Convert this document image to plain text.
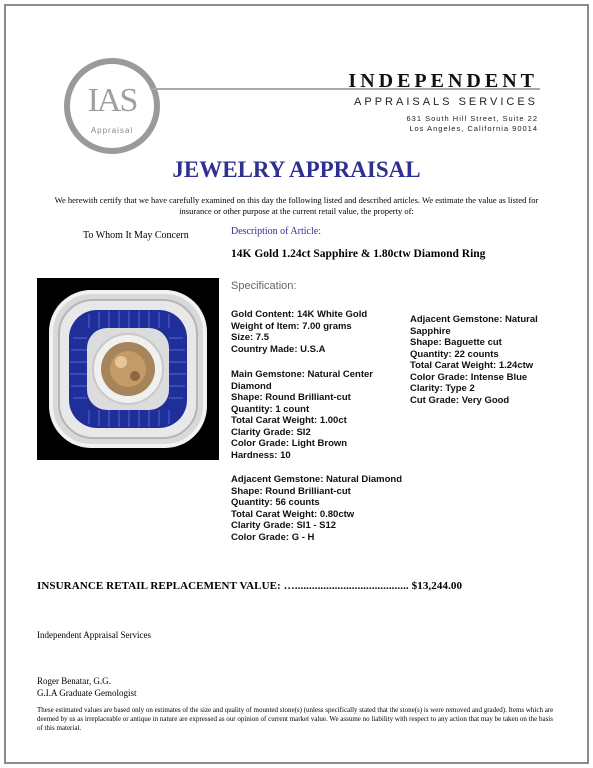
IAS
Appraisal
INDEPENDENT
APPRAISALS SERVICES
631 South Hill Street, Suite 22
Los Angeles, California 90014
JEWELRY APPRAISAL
We herewith certify that we have carefully examined on this day the following listed and described articles. We estimate the value as listed for insurance or other purpose at the current retail value, the property of:
To Whom It May Concern	Description of Article:
14K Gold 1.24ct Sapphire & 1.80ctw Diamond Ring
Specification:
Gold Content: 14K White Gold
Weight of Item: 7.00 grams
Size: 7.5
Country Made: U.S.A
Main Gemstone: Natural Center
Diamond
Shape: Round Brilliant-cut
Quantity: 1 count
Total Carat Weight: 1.00ct
Clarity Grade: SI2
Color Grade: Light Brown
Hardness: 10
Adjacent Gemstone: Natural Diamond
Shape: Round Brilliant-cut
Quantity: 56 counts
Total Carat Weight: 0.80ctw
Clarity Grade: SI1 - S12
Color Grade: G - H
Adjacent Gemstone: Natural
Sapphire
Shape: Baguette cut
Quantity: 22 counts
Total Carat Weight: 1.24ctw
Color Grade: Intense Blue
Clarity: Type 2
Cut Grade: Very Good
INSURANCE RETAIL REPLACEMENT VALUE: …........................................ $13,244.00
Independent Appraisal Services
Roger Benatar, G.G.
G.I.A Graduate Gemologist
These estimated values are based only on estimates of the size and quality of mounted stone(s) (unless specifically stated that the stone(s) is were removed and graded). Items which are deemed by us as irreplaceable or antique in nature are expressed as our opinion of current market value. We assume no liability with respect to any action that may be taken on the basis of this material.
